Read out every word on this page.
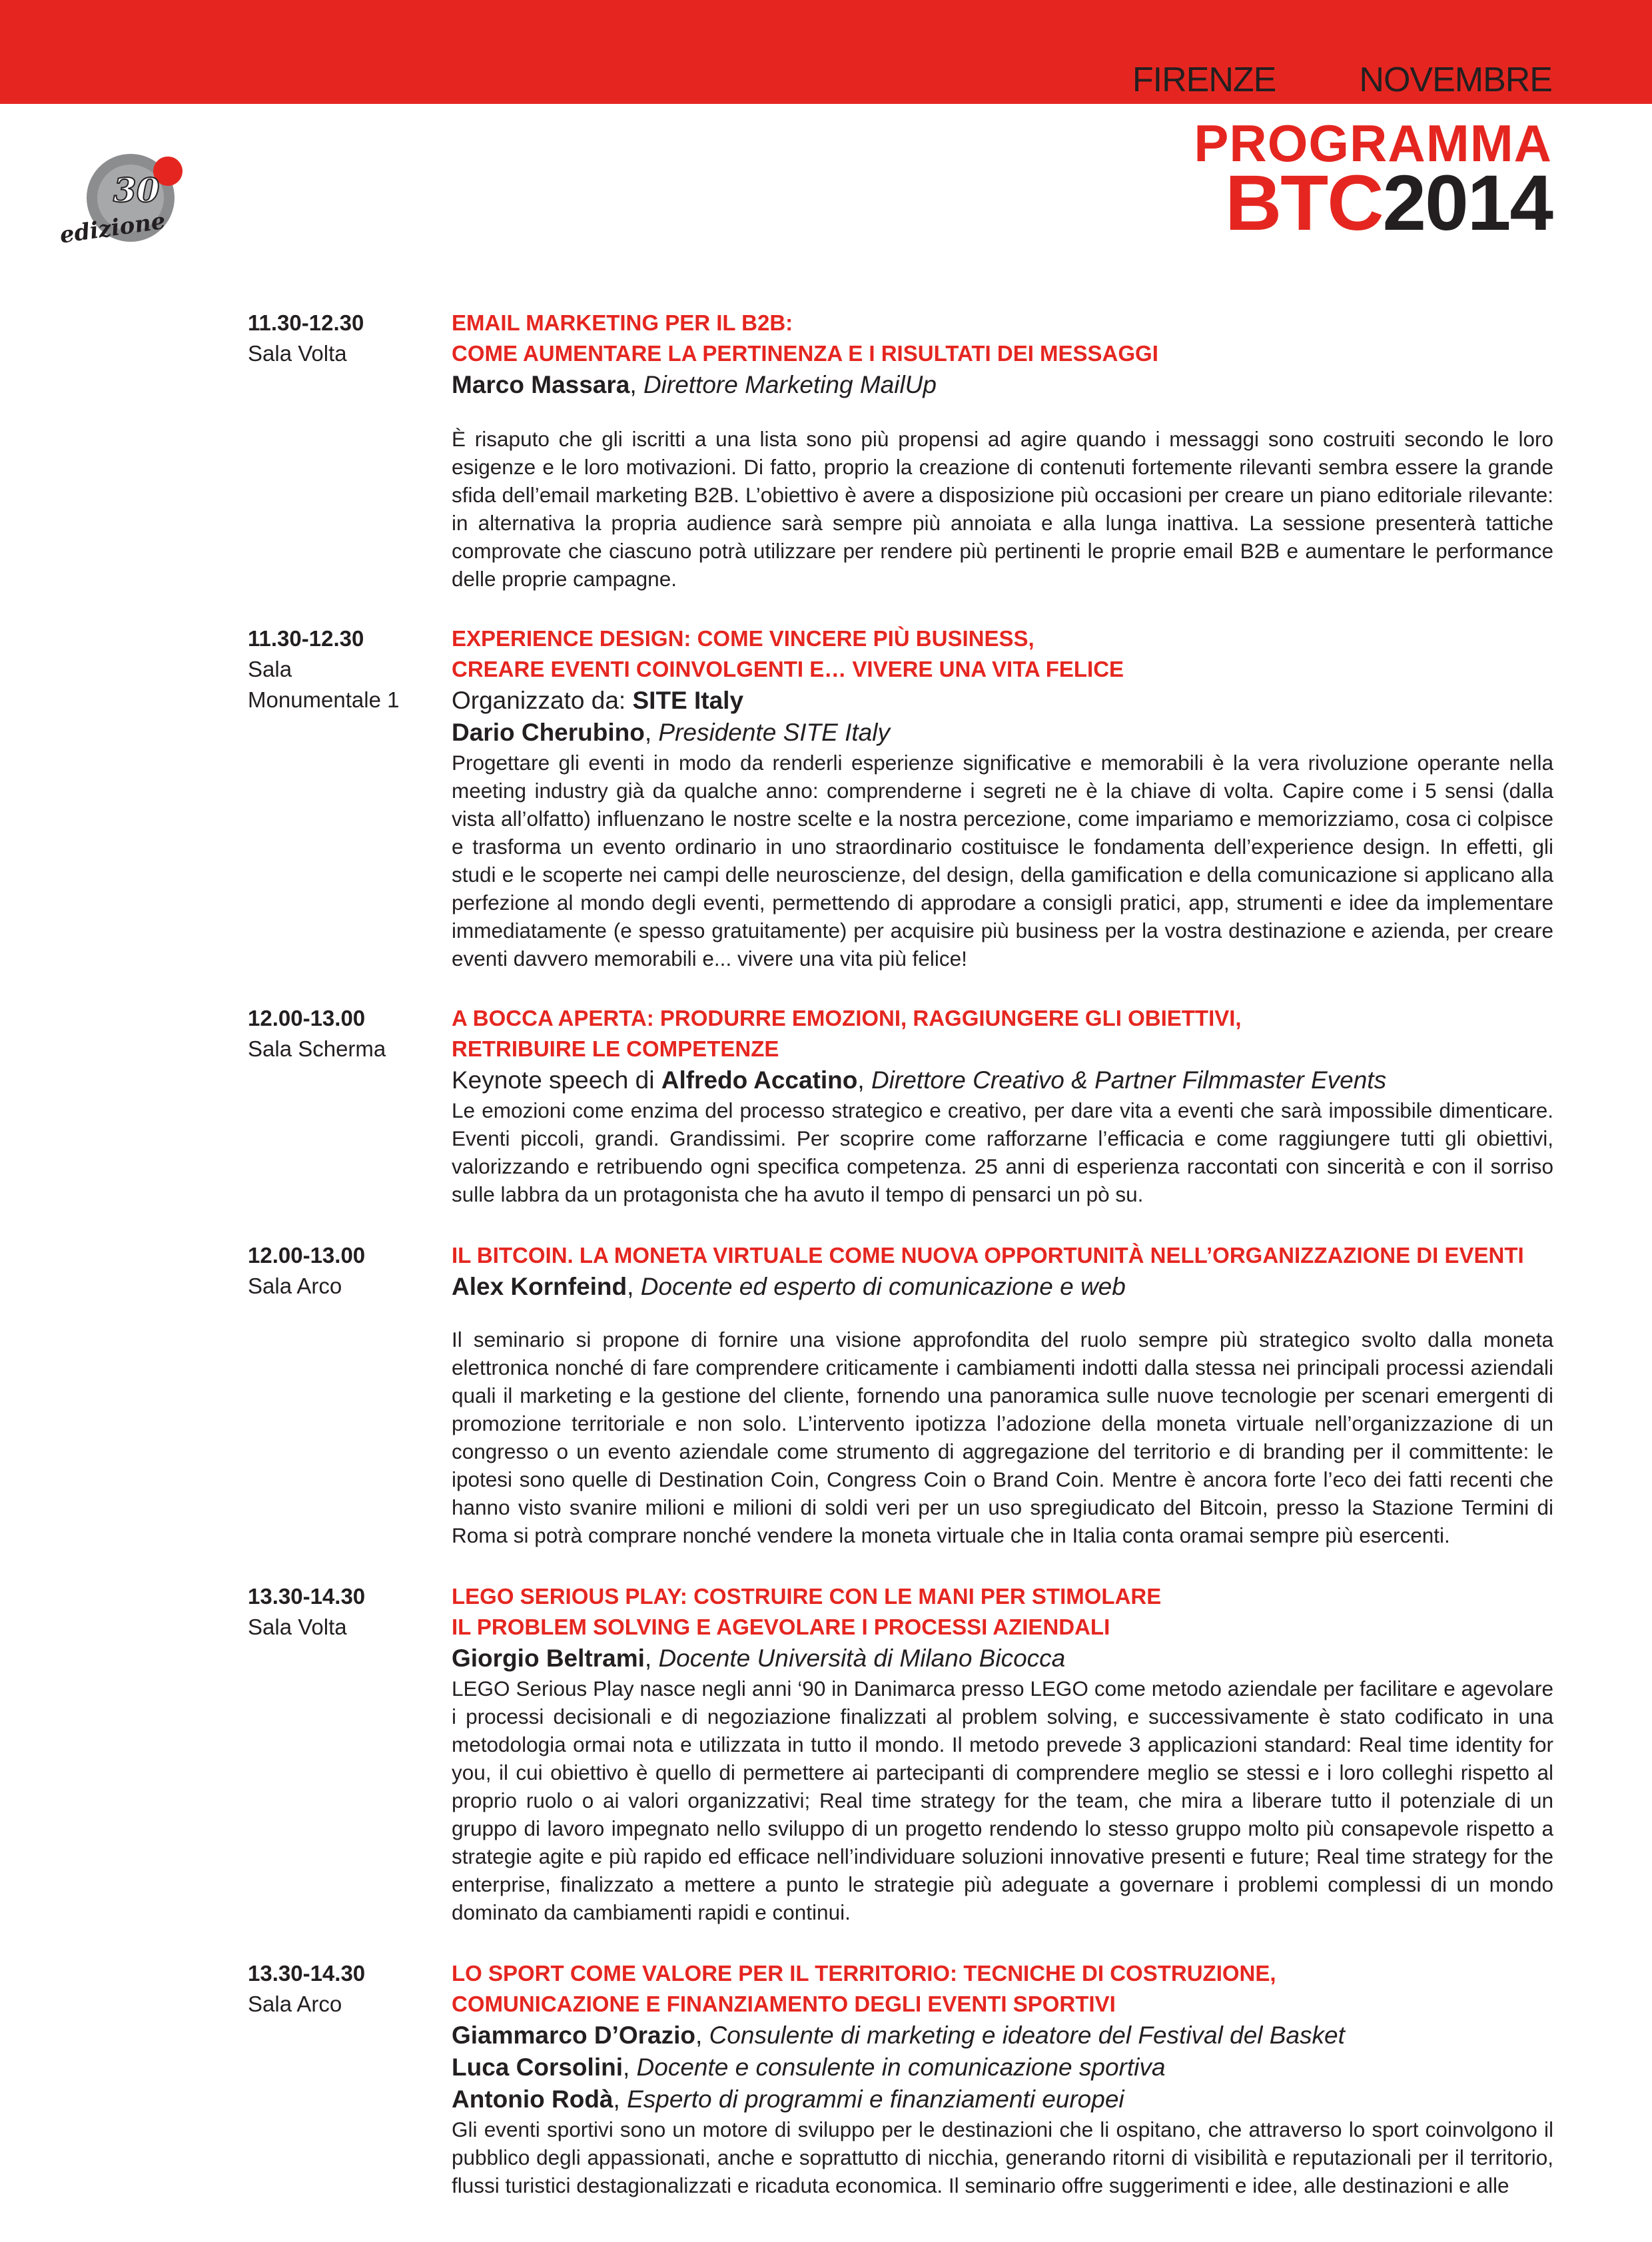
30
edizione
FIRENZE11•12NOVEMBRE
PROGRAMMA
BTC2014
11.30-12.30
Sala Volta
EMAIL MARKETING PER IL B2B:
COME AUMENTARE LA PERTINENZA E I RISULTATI DEI MESSAGGI
Marco Massara, Direttore Marketing MailUp
È risaputo che gli iscritti a una lista sono più propensi ad agire quando i messaggi sono costruiti secondo le loro esigenze e le loro motivazioni. Di fatto, proprio la creazione di contenuti fortemente rilevanti sembra essere la grande sfida dell’email marketing B2B. L’obiettivo è avere a disposizione più occasioni per creare un piano editoriale rilevante: in alternativa la propria audience sarà sempre più annoiata e alla lunga inattiva. La sessione presenterà tattiche comprovate che ciascuno potrà utilizzare per rendere più pertinenti le proprie email B2B e aumentare le performance delle proprie campagne.
11.30-12.30
Sala
Monumentale 1
EXPERIENCE DESIGN: COME VINCERE PIÙ BUSINESS,
CREARE EVENTI COINVOLGENTI E… VIVERE UNA VITA FELICE
Organizzato da: SITE Italy
Dario Cherubino, Presidente SITE Italy
Progettare gli eventi in modo da renderli esperienze significative e memorabili è la vera rivoluzione operante nella meeting industry già da qualche anno: comprenderne i segreti ne è la chiave di volta. Capire come i 5 sensi (dalla vista all’olfatto) influenzano le nostre scelte e la nostra percezione, come impariamo e memorizziamo, cosa ci colpisce e trasforma un evento ordinario in uno straordinario costituisce le fondamenta dell’experience design. In effetti, gli studi e le scoperte nei campi delle neuroscienze, del design, della gamification e della comunicazione si applicano alla perfezione al mondo degli eventi, permettendo di approdare a consigli pratici, app, strumenti e idee da implementare immediatamente (e spesso gratuitamente) per acquisire più business per la vostra destinazione e azienda, per creare eventi davvero memorabili e... vivere una vita più felice!
12.00-13.00
Sala Scherma
A BOCCA APERTA: PRODURRE EMOZIONI, RAGGIUNGERE GLI OBIETTIVI,
RETRIBUIRE LE COMPETENZE
Keynote speech di Alfredo Accatino, Direttore Creativo & Partner Filmmaster Events
Le emozioni come enzima del processo strategico e creativo, per dare vita a eventi che sarà impossibile dimenticare. Eventi piccoli, grandi. Grandissimi. Per scoprire come rafforzarne l’efficacia e come raggiungere tutti gli obiettivi, valorizzando e retribuendo ogni specifica competenza. 25 anni di esperienza raccontati con sincerità e con il sorriso sulle labbra da un protagonista che ha avuto il tempo di pensarci un pò su.
12.00-13.00
Sala Arco
IL BITCOIN. LA MONETA VIRTUALE COME NUOVA OPPORTUNITÀ NELL’ORGANIZZAZIONE DI EVENTI
Alex Kornfeind, Docente ed esperto di comunicazione e web
Il seminario si propone di fornire una visione approfondita del ruolo sempre più strategico svolto dalla moneta elettronica nonché di fare comprendere criticamente i cambiamenti indotti dalla stessa nei principali processi aziendali quali il marketing e la gestione del cliente, fornendo una panoramica sulle nuove tecnologie per scenari emergenti di promozione territoriale e non solo. L’intervento ipotizza l’adozione della moneta virtuale nell’organizzazione di un congresso o un evento aziendale come strumento di aggregazione del territorio e di branding per il committente: le ipotesi sono quelle di Destination Coin, Congress Coin o Brand Coin. Mentre è ancora forte l’eco dei fatti recenti che hanno visto svanire milioni e milioni di soldi veri per un uso spregiudicato del Bitcoin, presso la Stazione Termini di Roma si potrà comprare nonché vendere la moneta virtuale che in Italia conta oramai sempre più esercenti.
13.30-14.30
Sala Volta
LEGO SERIOUS PLAY: COSTRUIRE CON LE MANI PER STIMOLARE
IL PROBLEM SOLVING E AGEVOLARE I PROCESSI AZIENDALI
Giorgio Beltrami, Docente Università di Milano Bicocca
LEGO Serious Play nasce negli anni ‘90 in Danimarca presso LEGO come metodo aziendale per facilitare e agevolare i processi decisionali e di negoziazione finalizzati al problem solving, e successivamente è stato codificato in una metodologia ormai nota e utilizzata in tutto il mondo. Il metodo prevede 3 applicazioni standard: Real time identity for you, il cui obiettivo è quello di permettere ai partecipanti di comprendere meglio se stessi e i loro colleghi rispetto al proprio ruolo o ai valori organizzativi; Real time strategy for the team, che mira a liberare tutto il potenziale di un gruppo di lavoro impegnato nello sviluppo di un progetto rendendo lo stesso gruppo molto più consapevole rispetto a strategie agite e più rapido ed efficace nell’individuare soluzioni innovative presenti e future; Real time strategy for the enterprise, finalizzato a mettere a punto le strategie più adeguate a governare i problemi complessi di un mondo dominato da cambiamenti rapidi e continui.
13.30-14.30
Sala Arco
LO SPORT COME VALORE PER IL TERRITORIO: TECNICHE DI COSTRUZIONE,
COMUNICAZIONE E FINANZIAMENTO DEGLI EVENTI SPORTIVI
Giammarco D’Orazio, Consulente di marketing e ideatore del Festival del Basket
Luca Corsolini, Docente e consulente in comunicazione sportiva
Antonio Rodà, Esperto di programmi e finanziamenti europei
Gli eventi sportivi sono un motore di sviluppo per le destinazioni che li ospitano, che attraverso lo sport coinvolgono il pubblico degli appassionati, anche e soprattutto di nicchia, generando ritorni di visibilità e reputazionali per il territorio, flussi turistici destagionalizzati e ricaduta economica. Il seminario offre suggerimenti e idee, alle destinazioni e alle
